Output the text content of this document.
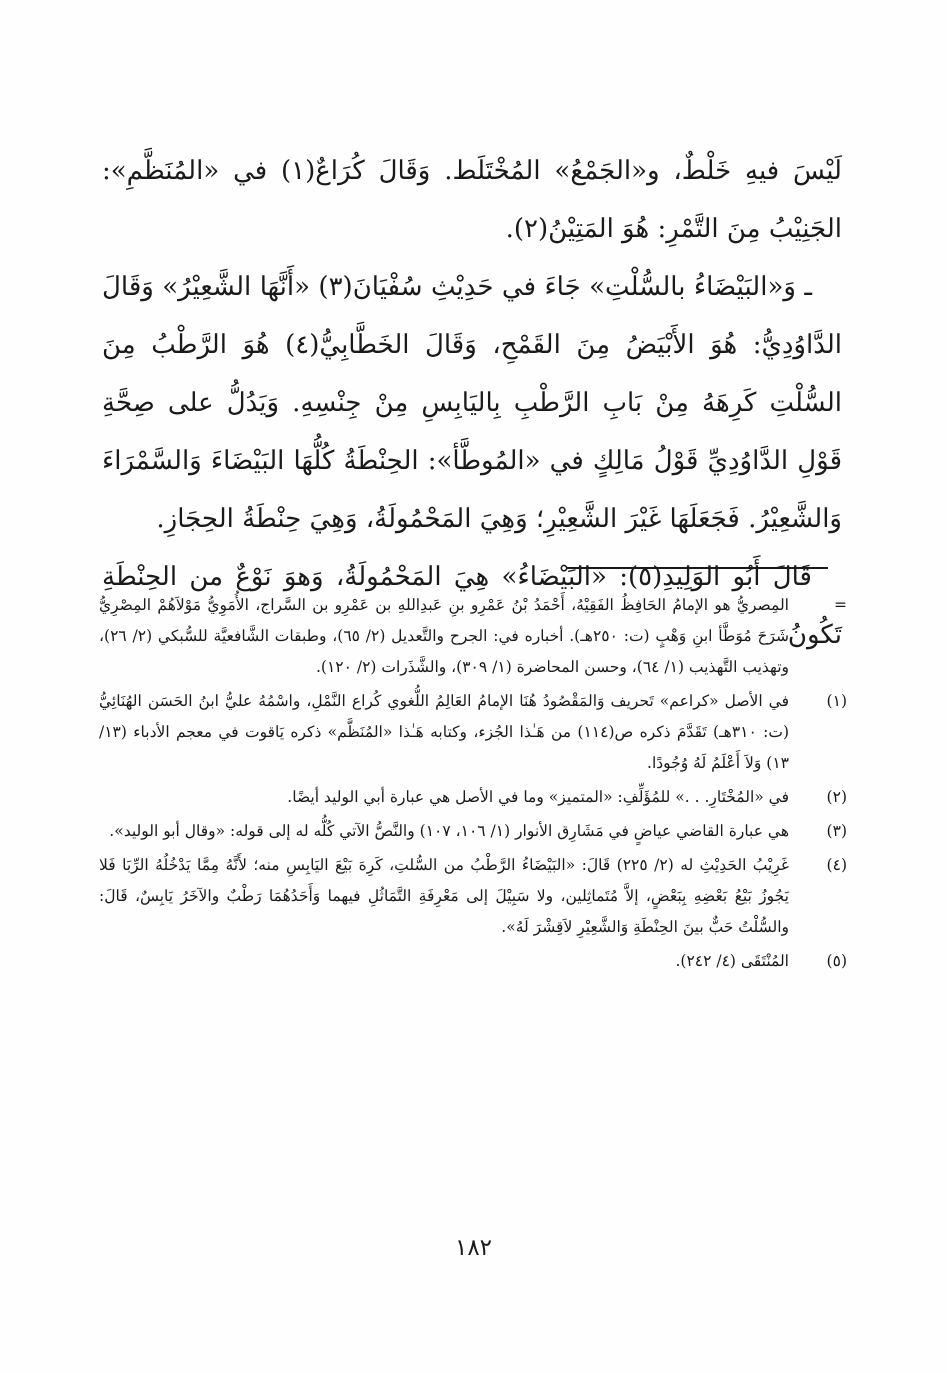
لَيْسَ فيهِ خَلْطٌ، و«الجَمْعُ» المُخْتَلَط. وَقَالَ كُرَاعٌ(١) في «المُنَظَّمِ»: الجَنِيْبُ مِنَ التَّمْرِ: هُوَ المَتِيْنُ(٢).

ـ وَ«البَيْضَاءُ بالسُّلْتِ» جَاءَ في حَدِيْثِ سُفْيَانَ(٣) «أَنَّهَا الشَّعِيْرُ» وَقَالَ الدَّاوُدِيُّ: هُوَ الأَبْيَضُ مِنَ القَمْحِ، وَقَالَ الخَطَّابِيُّ(٤) هُوَ الرَّطْبُ مِنَ السُّلْتِ كَرِهَهُ مِنْ بَابِ الرَّطْبِ بِاليَابِسِ مِنْ جِنْسِهِ. وَيَدُلُّ على صِحَّةِ قَوْلِ الدَّاوُدِيِّ قَوْلُ مَالِكٍ في «المُوطَّأ»: الحِنْطَةُ كُلُّهَا البَيْضَاءَ وَالسَّمْرَاءَ وَالشَّعِيْرُ. فَجَعَلَهَا غَيْرَ الشَّعِيْرِ؛ وَهِيَ المَحْمُولَةُ، وَهِيَ حِنْطَةُ الحِجَازِ.

قَالَ أَبُو الوَلِيدِ(٥): «البَيْضَاءُ» هِيَ المَحْمُولَةُ، وَهوَ نَوْعٌ من الحِنْطَةِ تَكُونُ

=

المِصريُّ هو الإمامُ الحَافِظُ الفَقِيْهُ، أَحْمَدُ بْنُ عَمْرِو بنِ عَبدِاللهِ بن عَمْرِو بن السَّراج، الأُمَوِيُّ مَوْلاَهُمْ المِصْرِيُّ شَرَحَ مُوَطَّأ ابنِ وَهْبٍ (ت: ٢٥٠هـ). أخباره في: الجرح والتَّعديل (٢/ ٦٥)، وطبقات الشَّافعيَّة للسُّبكي (٢/ ٢٦)، وتهذيب التَّهذيب (١/ ٦٤)، وحسن المحاضرة (١/ ٣٠٩)، والشَّذَرات (٢/ ١٢٠).

(١)

في الأصل «كراعم» تَحريف وَالمَقْصُودُ هُنَا الإمامُ العَالِمُ اللُّغوي كُراع النَّمْلِ، واسْمُهُ عليُّ ابنُ الحَسَن الهُنَائِيُّ (ت: ٣١٠هـ) تَقَدَّمَ ذكره ص(١١٤) من هَـٰذا الجُزء، وكتابه هَـٰذا «المُنَظَّم» ذكره يَاقوت في معجم الأدباء (١٣/ ١٣) وَلاَ أَعْلَمُ لَهُ وُجُودًا.

(٢)

في «المُخْتَارِ. . .» للمُؤَلِّفِ: «المتميز» وما في الأصل هي عبارة أبي الوليد أيضًا.

(٣)

هي عبارة القاضي عياضٍ في مَشَارِق الأنوار (١/ ١٠٦، ١٠٧) والنَّصُّ الآتي كُلُّه له إلى قوله: «وقال أبو الوليد».

(٤)

غَرِيْبُ الحَدِيْثِ له (٢/ ٢٢٥) قَالَ: «البَيْضَاءُ الرَّطْبُ من السُّلتِ، كَرِهَ بَيْعَ اليَابِسِ منه؛ لأَنَّهُ مِمَّا يَدْخُلُهُ الرِّبَا فَلا يَجُوزُ بَيْعُ بَعْضِهِ بِبَعْضٍ، إلاَّ مُتَماثِلين، ولا سَبِيْلَ إلى مَعْرِفَةِ التَّمَاثُلِ فيهما وَأَحَدُهُمَا رَطْبٌ والآخَرُ يَابِسٌ، قَالَ: والسُّلْتُ حَبٌّ بينَ الحِنْطَةِ وَالشَّعِيْرِ لاَقِشْرَ لَهُ».

(٥)

المُنْتَقَى (٤/ ٢٤٢).

١٨٢
